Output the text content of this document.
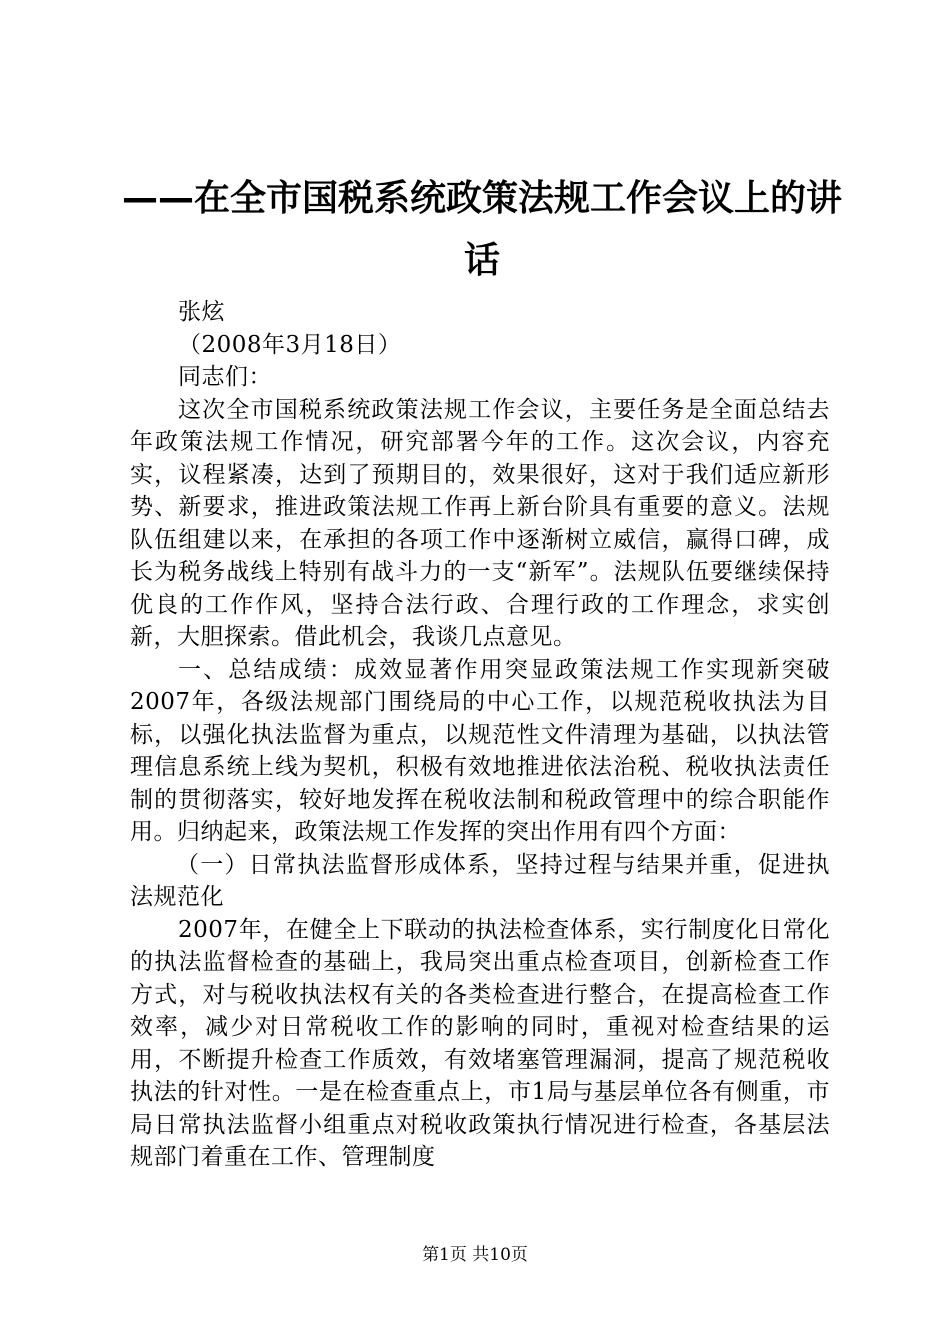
——在全市国税系统政策法规工作会议上的讲话
张炫
（2008年3月18日）
同志们：

这次全市国税系统政策法规工作会议，主要任务是全面总结去年政策法规工作情况，研究部署今年的工作。这次会议，内容充实，议程紧凑，达到了预期目的，效果很好，这对于我们适应新形势、新要求，推进政策法规工作再上新台阶具有重要的意义。法规队伍组建以来，在承担的各项工作中逐渐树立威信，赢得口碑，成长为税务战线上特别有战斗力的一支“新军”。法规队伍要继续保持优良的工作作风，坚持合法行政、合理行政的工作理念，求实创新，大胆探索。借此机会，我谈几点意见。

一、总结成绩：成效显著作用突显政策法规工作实现新突破2007年，各级法规部门围绕局的中心工作，以规范税收执法为目标，以强化执法监督为重点，以规范性文件清理为基础，以执法管理信息系统上线为契机，积极有效地推进依法治税、税收执法责任制的贯彻落实，较好地发挥在税收法制和税政管理中的综合职能作用。归纳起来，政策法规工作发挥的突出作用有四个方面：

（一）日常执法监督形成体系，坚持过程与结果并重，促进执法规范化

2007年，在健全上下联动的执法检查体系，实行制度化日常化的执法监督检查的基础上，我局突出重点检查项目，创新检查工作方式，对与税收执法权有关的各类检查进行整合，在提高检查工作效率，减少对日常税收工作的影响的同时，重视对检查结果的运用，不断提升检查工作质效，有效堵塞管理漏洞，提高了规范税收执法的针对性。一是在检查重点上，市1局与基层单位各有侧重，市局日常执法监督小组重点对税收政策执行情况进行检查，各基层法规部门着重在工作、管理制度

第1页 共10页
